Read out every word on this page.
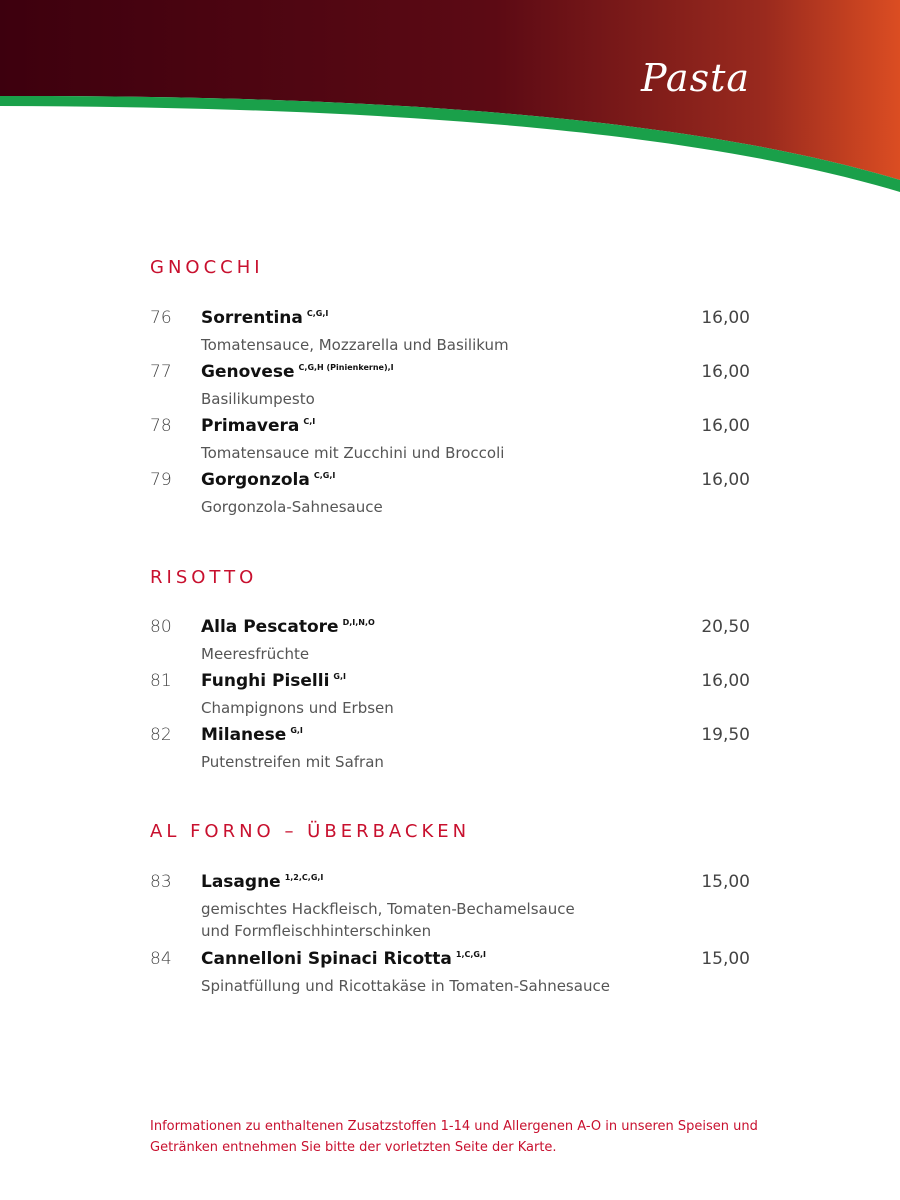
Pasta
GNOCCHI
76 Sorrentina $^{C,G,I}$	16,00
Tomatensauce, Mozzarella und Basilikum
77 Genovese $^{C,G,H (Pinienkerne),I}$	16,00
Basilikumpesto
78 Primavera $^{C,I}$	16,00
Tomatensauce mit Zucchini und Broccoli
79 Gorgonzola $^{C,G,I}$	16,00
Gorgonzola-Sahnesauce
RISOTTO
80 Alla Pescatore $^{D,I,N,O}$	20,50
Meeresfrüchte
81 Funghi Piselli $^{G,I}$	16,00
Champignons und Erbsen
82 Milanese $^{G,I}$	19,50
Putenstreifen mit Safran
AL FORNO – ÜBERBACKEN
83 Lasagne $^{1,2,C,G,I}$	15,00
gemischtes Hackfleisch, Tomaten-Bechamelsauce
und Formfleischhinterschinken
84 Cannelloni Spinaci Ricotta $^{1,C,G,I}$	15,00
Spinatfüllung und Ricottakäse in Tomaten-Sahnesauce
Informationen zu enthaltenen Zusatzstoffen 1-14 und Allergenen A-O in unseren Speisen und Getränken entnehmen Sie bitte der vorletzten Seite der Karte.
